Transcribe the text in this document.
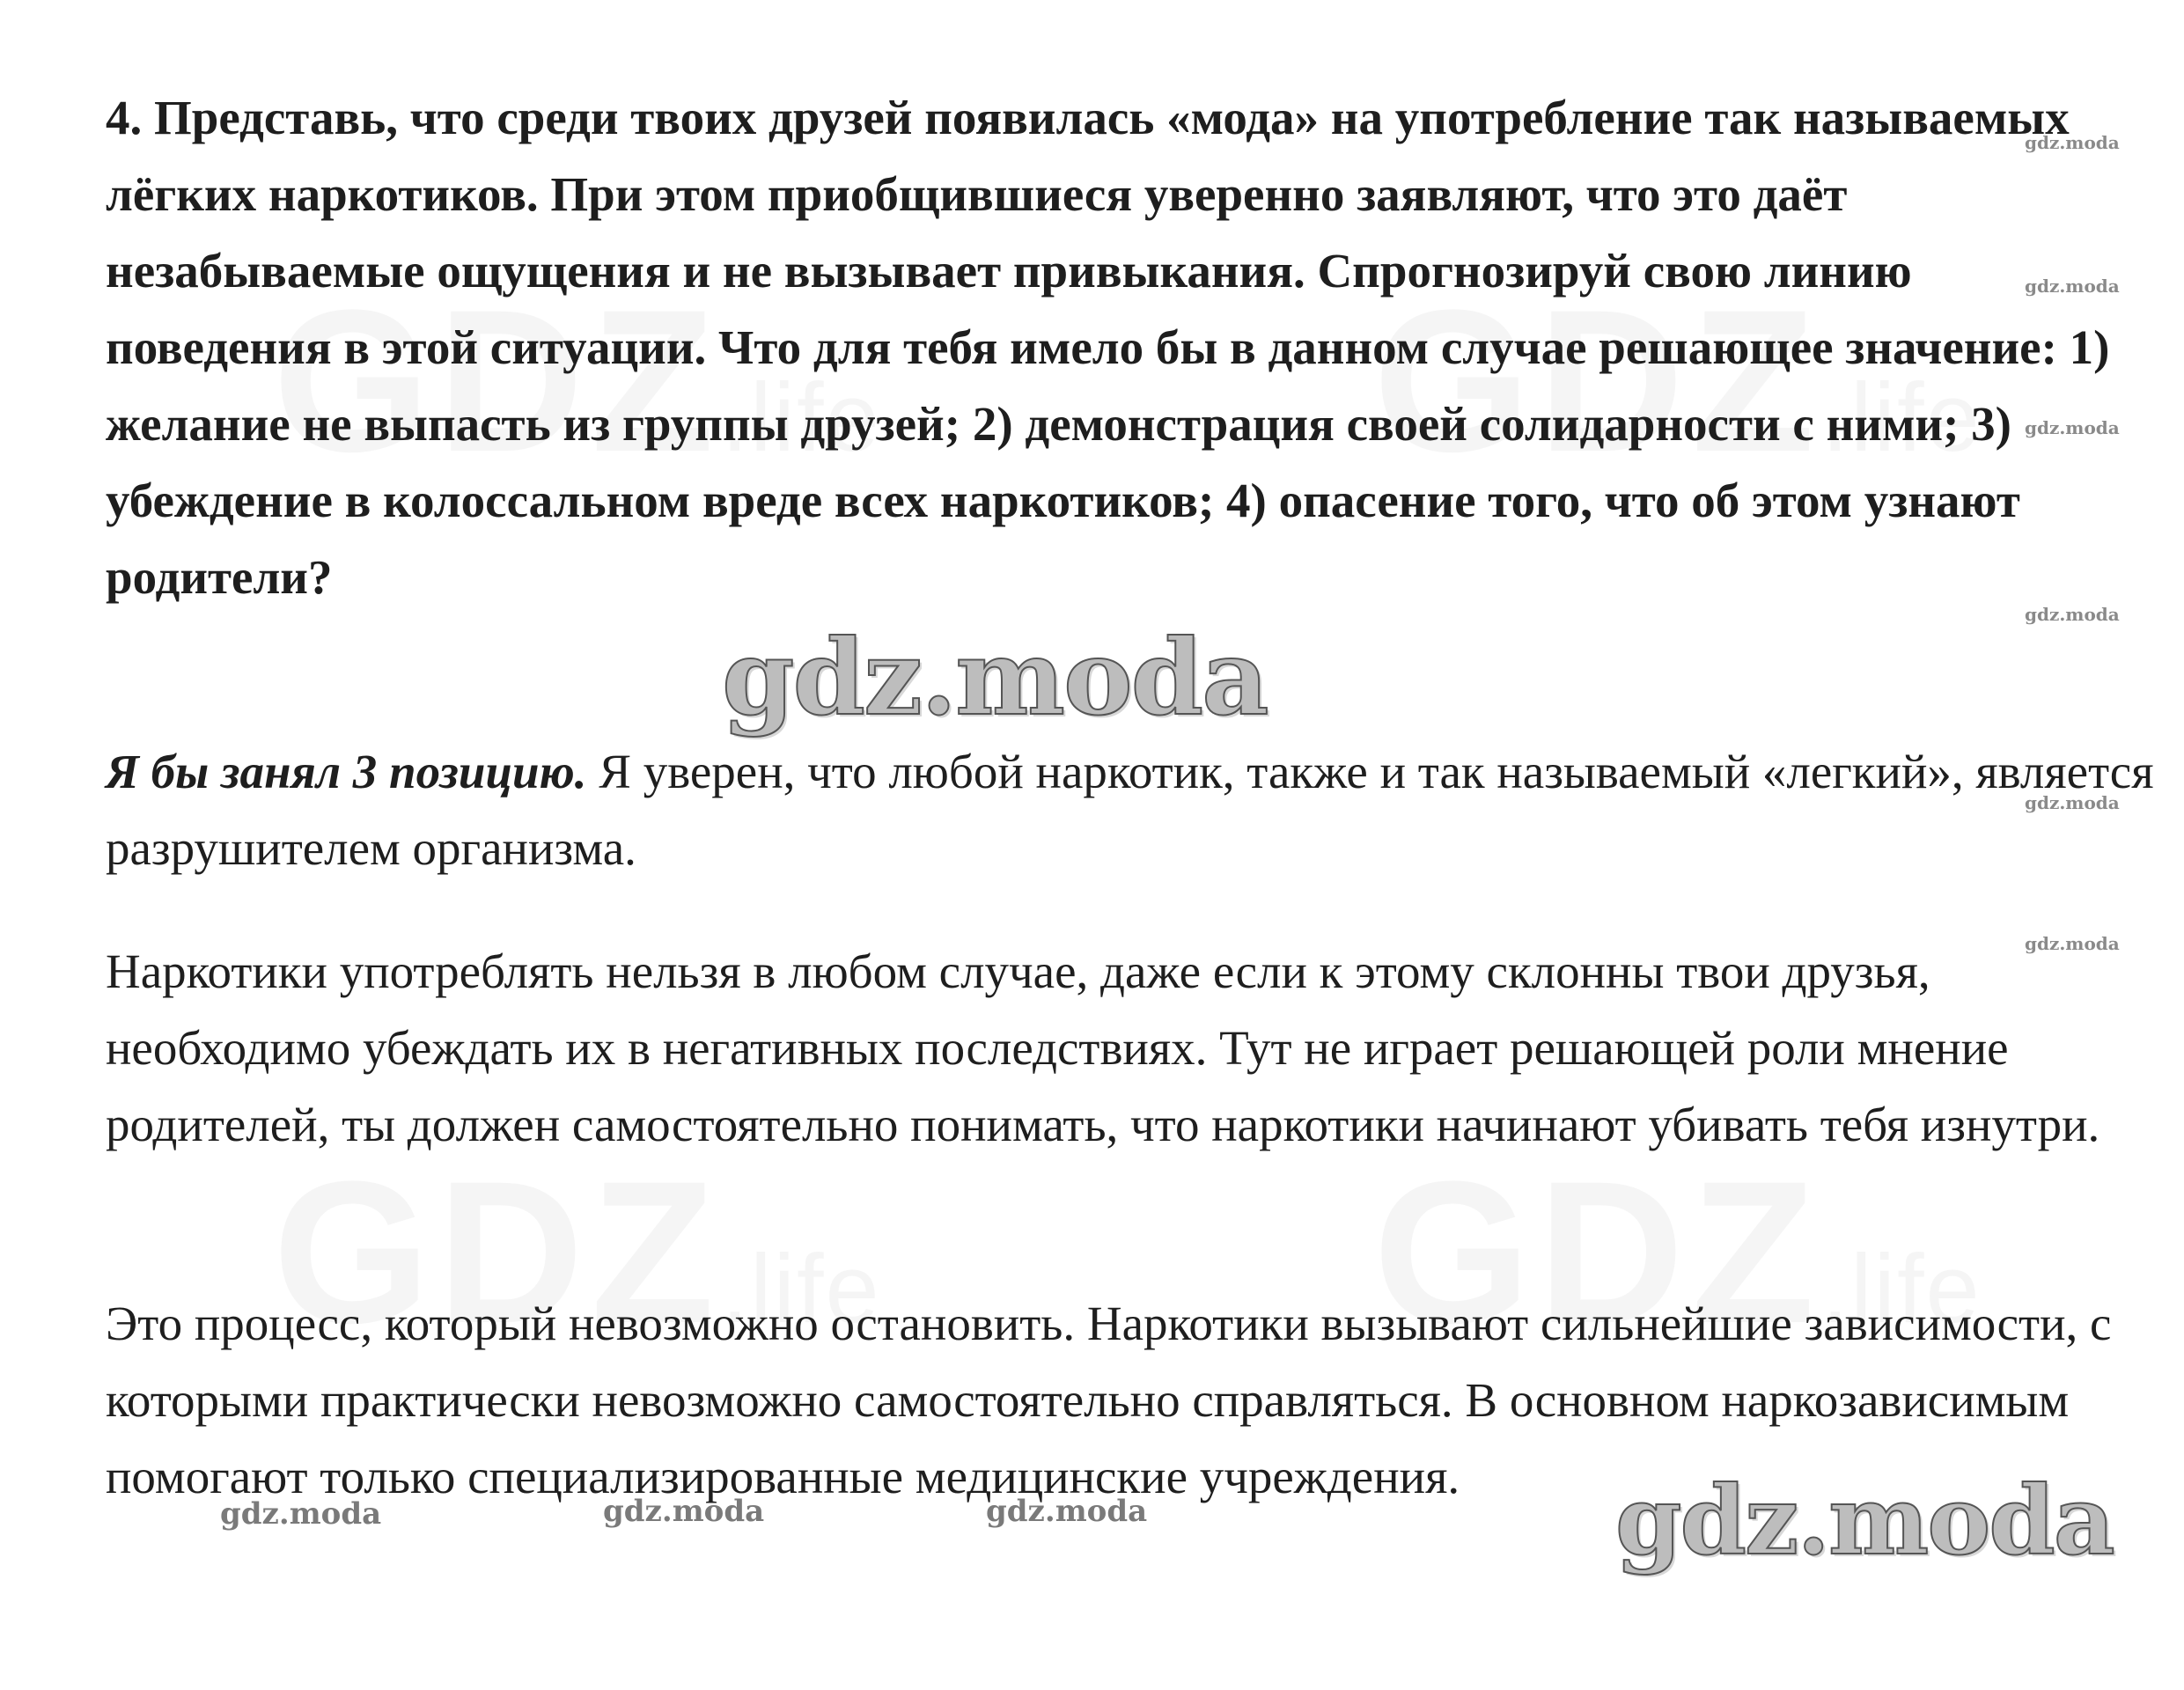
4. Представь, что среди твоих друзей появилась «мода» на употребление так называемых лёгких наркотиков. При этом приобщившиеся уверенно заявляют, что это даёт незабываемые ощущения и не вызывает привыкания. Спрогнозируй свою линию поведения в этой ситуации. Что для тебя имело бы в данном случае решающее значение: 1) желание не выпасть из группы друзей; 2) демонстрация своей солидарности с ними; 3) убеждение в колоссальном вреде всех наркотиков; 4) опасение того, что об этом узнают родители?

Я бы занял 3 позицию. Я уверен, что любой наркотик, также и так называемый «легкий», является разрушителем организма.

Наркотики употреблять нельзя в любом случае, даже если к этому склонны твои друзья, необходимо убеждать их в негативных последствиях. Тут не играет решающей роли мнение родителей, ты должен самостоятельно понимать, что наркотики начинают убивать тебя изнутри.

Это процесс, который невозможно остановить. Наркотики вызывают сильнейшие зависимости, с которыми практически невозможно самостоятельно справляться. В основном наркозависимым помогают только специализированные медицинские учреждения.

gdz.moda
gdz.moda
gdz.moda
gdz.moda
gdz.moda
gdz.moda
gdz.moda	gdz.moda	gdz.moda
gdz.moda
gdz.moda
